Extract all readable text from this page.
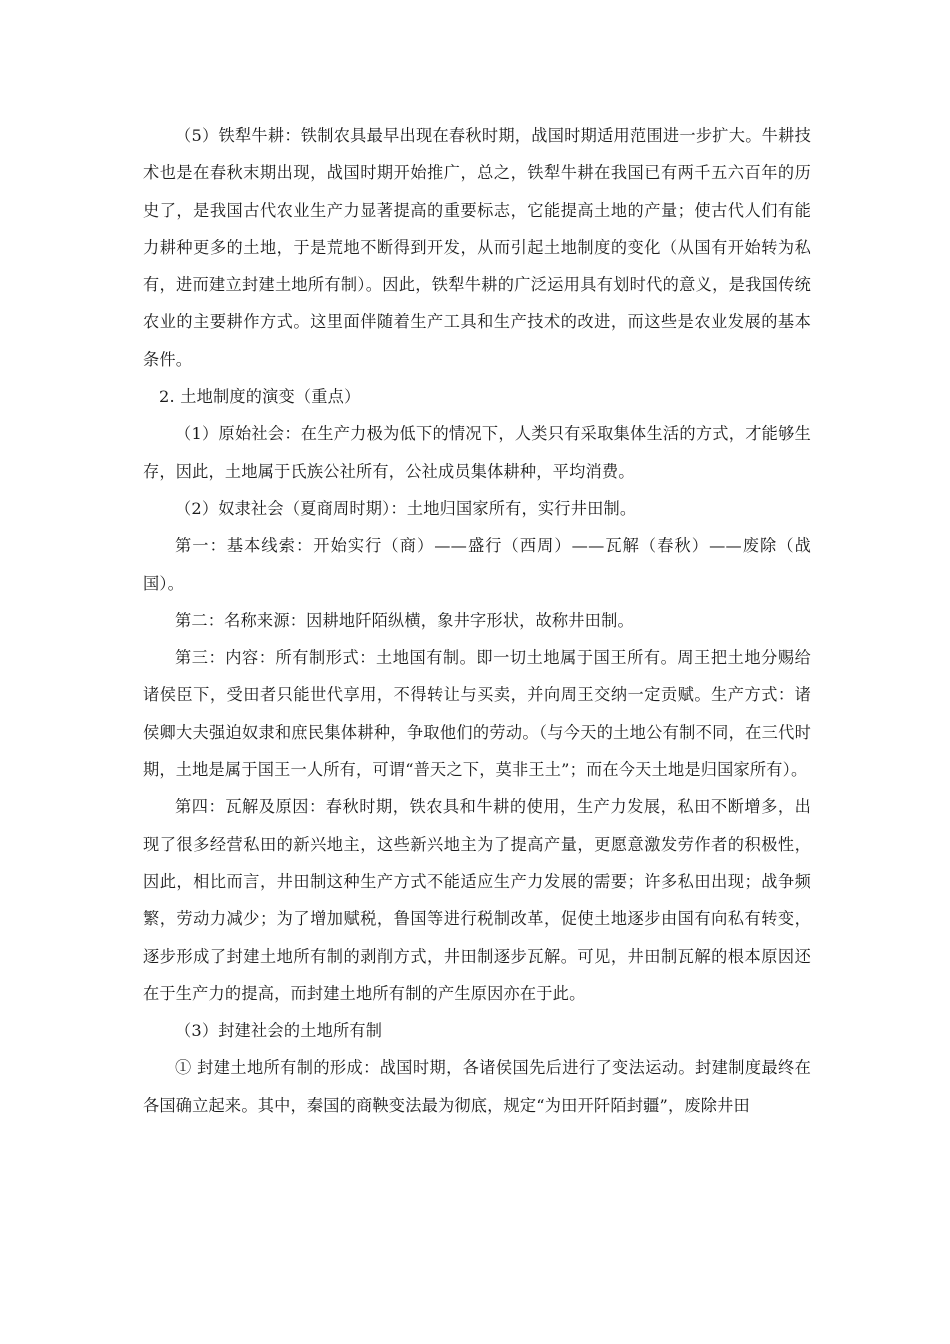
（5）铁犁牛耕：铁制农具最早出现在春秋时期，战国时期适用范围进一步扩大。牛耕技术也是在春秋末期出现，战国时期开始推广，总之，铁犁牛耕在我国已有两千五六百年的历史了，是我国古代农业生产力显著提高的重要标志，它能提高土地的产量；使古代人们有能力耕种更多的土地，于是荒地不断得到开发，从而引起土地制度的变化（从国有开始转为私有，进而建立封建土地所有制）。因此，铁犁牛耕的广泛运用具有划时代的意义，是我国传统农业的主要耕作方式。这里面伴随着生产工具和生产技术的改进，而这些是农业发展的基本条件。

2. 土地制度的演变（重点）

（1）原始社会：在生产力极为低下的情况下，人类只有采取集体生活的方式，才能够生存，因此，土地属于氏族公社所有，公社成员集体耕种，平均消费。

（2）奴隶社会（夏商周时期）：土地归国家所有，实行井田制。

第一：基本线索：开始实行（商）——盛行（西周）——瓦解（春秋）——废除（战国）。

第二：名称来源：因耕地阡陌纵横，象井字形状，故称井田制。

第三：内容：所有制形式：土地国有制。即一切土地属于国王所有。周王把土地分赐给诸侯臣下，受田者只能世代享用，不得转让与买卖，并向周王交纳一定贡赋。生产方式：诸侯卿大夫强迫奴隶和庶民集体耕种，争取他们的劳动。（与今天的土地公有制不同，在三代时期，土地是属于国王一人所有，可谓“普天之下，莫非王土”；而在今天土地是归国家所有）。

第四：瓦解及原因：春秋时期，铁农具和牛耕的使用，生产力发展，私田不断增多，出现了很多经营私田的新兴地主，这些新兴地主为了提高产量，更愿意激发劳作者的积极性，因此，相比而言，井田制这种生产方式不能适应生产力发展的需要；许多私田出现；战争频繁，劳动力减少；为了增加赋税，鲁国等进行税制改革，促使土地逐步由国有向私有转变，逐步形成了封建土地所有制的剥削方式，井田制逐步瓦解。可见，井田制瓦解的根本原因还在于生产力的提高，而封建土地所有制的产生原因亦在于此。

（3）封建社会的土地所有制

① 封建土地所有制的形成：战国时期，各诸侯国先后进行了变法运动。封建制度最终在各国确立起来。其中，秦国的商鞅变法最为彻底，规定“为田开阡陌封疆”，废除井田
